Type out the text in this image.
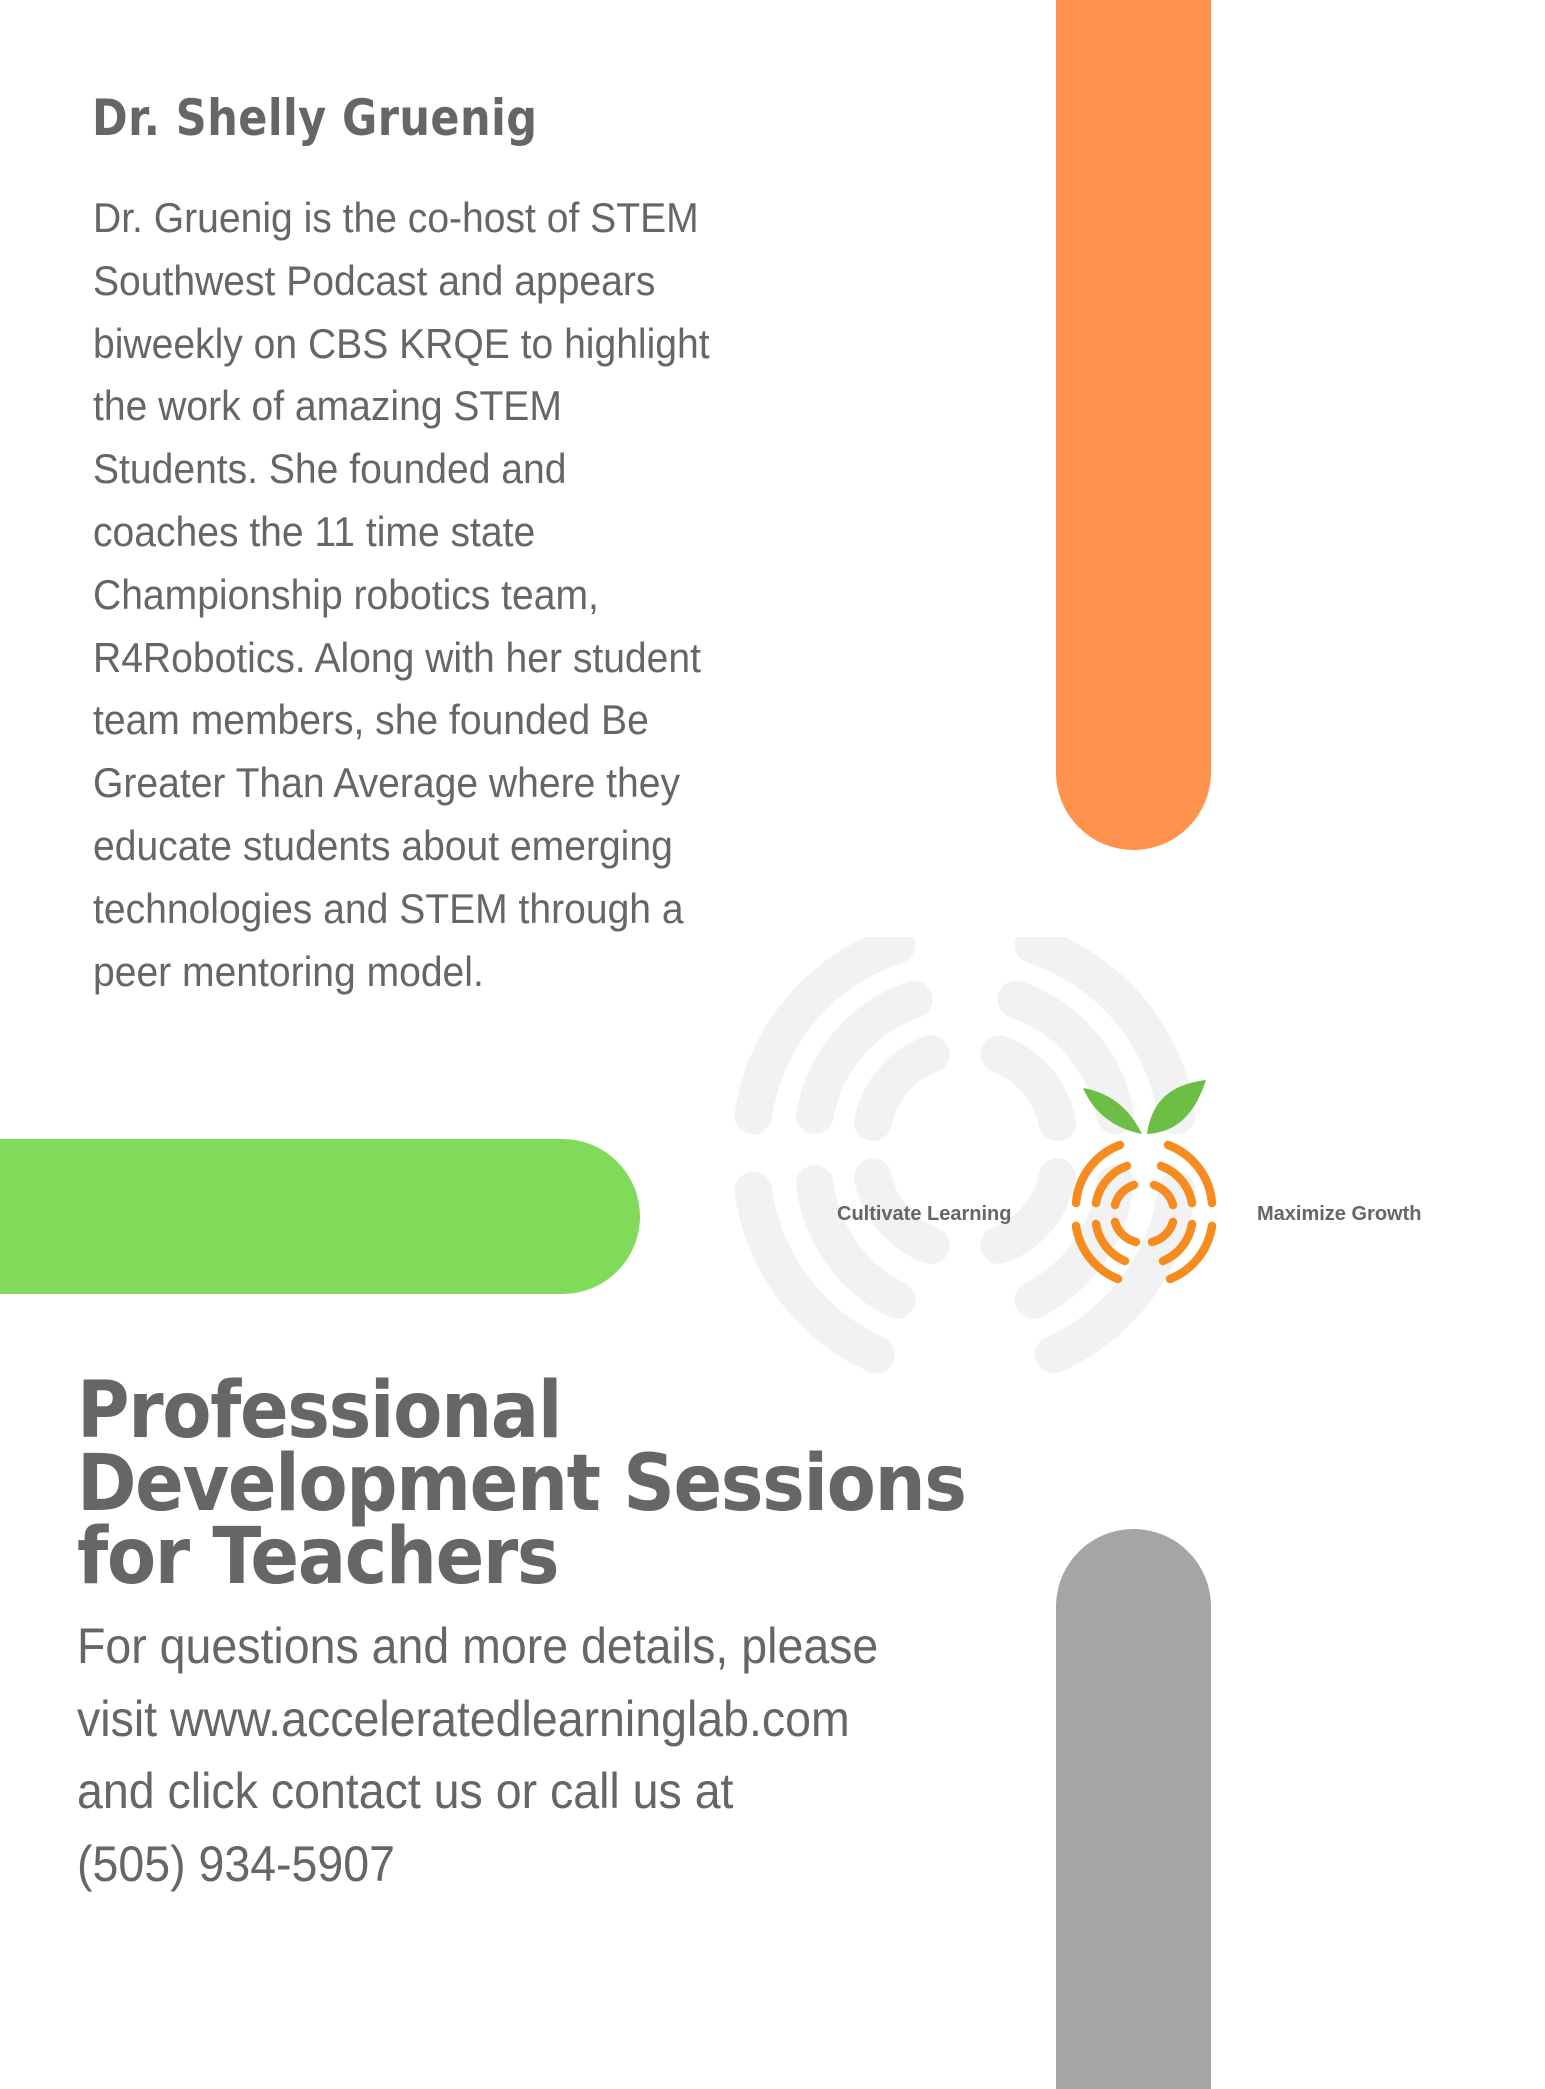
Dr. Shelly Gruenig
Dr. Gruenig is the co-host of STEM
Southwest Podcast and appears
biweekly on CBS KRQE to highlight
the work of amazing STEM
Students. She founded and
coaches the 11 time state
Championship robotics team,
R4Robotics. Along with her student
team members, she founded Be
Greater Than Average where they
educate students about emerging
technologies and STEM through a
peer mentoring model.
Cultivate Learning	Maximize Growth
Professional
Development Sessions
for Teachers
For questions and more details, please
visit www.acceleratedlearninglab.com
and click contact us or call us at
(505) 934-5907
